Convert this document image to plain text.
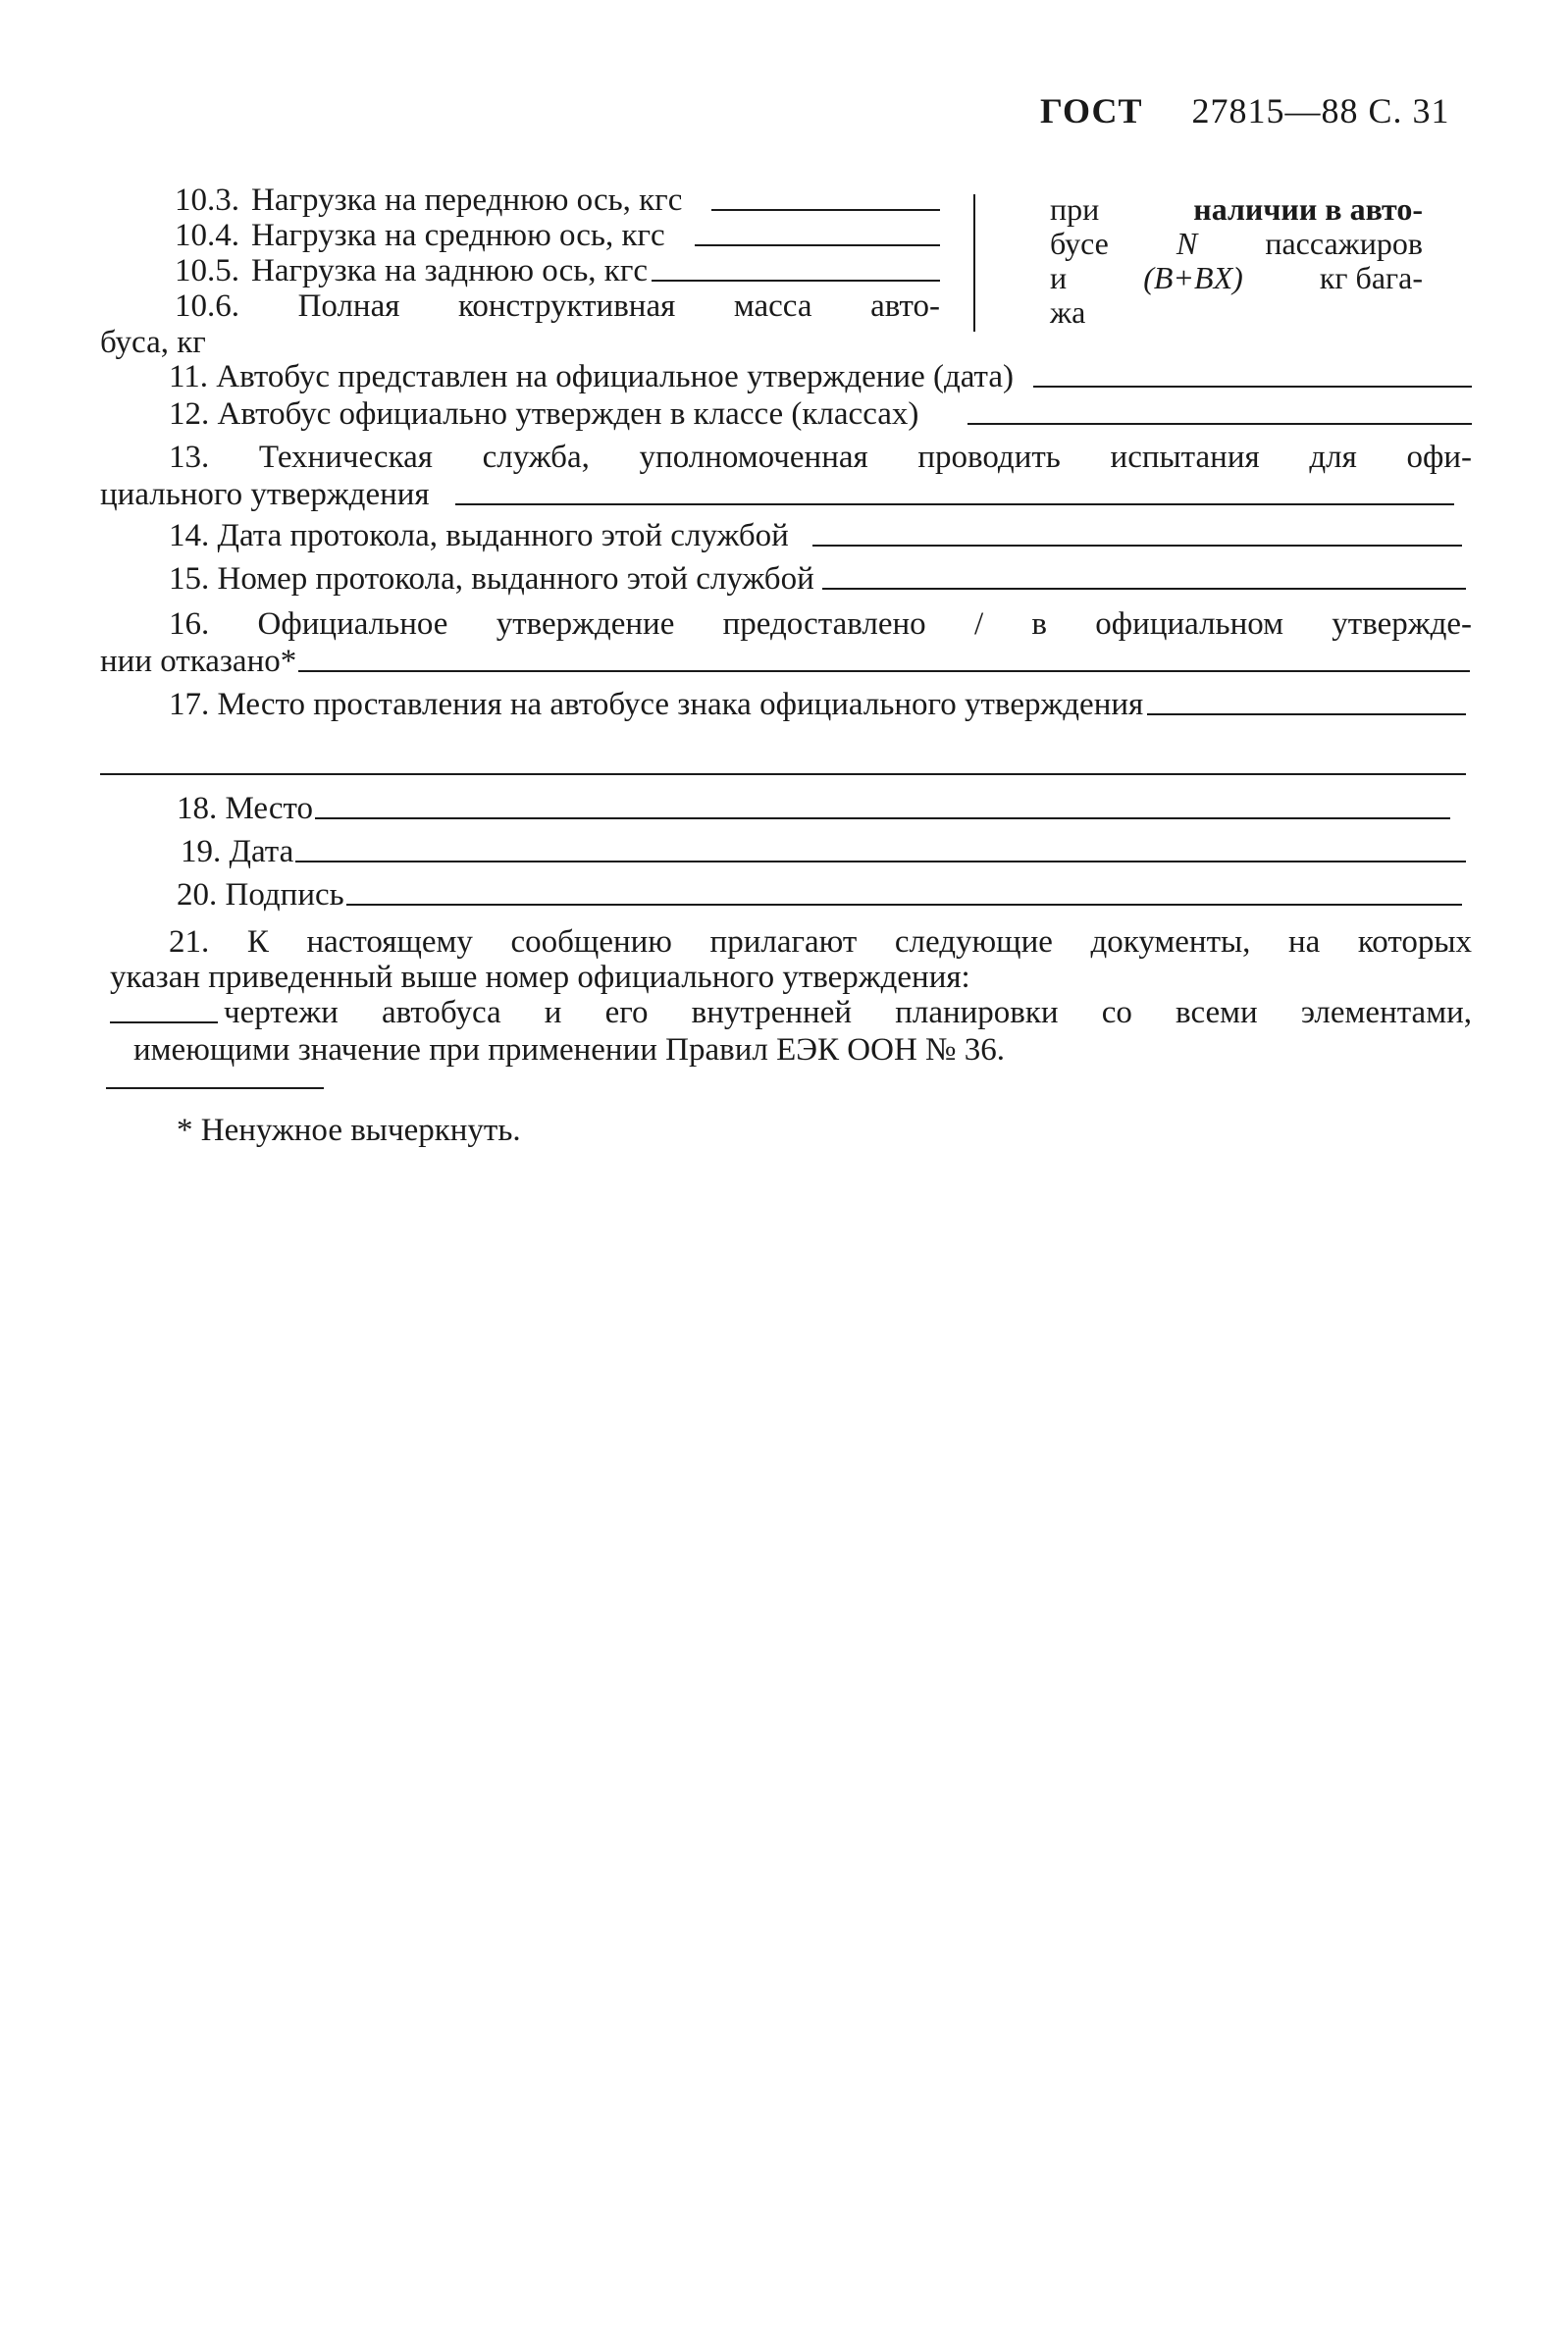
ГОСТ 27815—88 С. 31
10.3. Нагрузка на переднюю ось, кгс
10.4. Нагрузка на среднюю ось, кгс
10.5. Нагрузка на заднюю ось, кгс
10.6. Полная конструктивная масса авто-
буса, кг
при	наличии в авто-
бусе N пассажиров
и (B+BX) кг бага-
жа
11. Автобус представлен на официальное утверждение (дата)
12. Автобус официально утвержден в классе (классах)
13. Техническая служба, уполномоченная проводить испытания для офи-
циального утверждения
14. Дата протокола, выданного этой службой
15. Номер протокола, выданного этой службой
16. Официальное утверждение предоставлено / в официальном утвержде-
нии отказано*
17. Место проставления на автобусе знака официального утверждения
18. Место
19. Дата
20. Подпись
21. К настоящему сообщению прилагают следующие документы, на которых
указан приведенный выше номер официального утверждения:
чертежи автобуса и его внутренней планировки со всеми элементами,
имеющими значение при применении Правил ЕЭК ООН № 36.
* Ненужное вычеркнуть.
